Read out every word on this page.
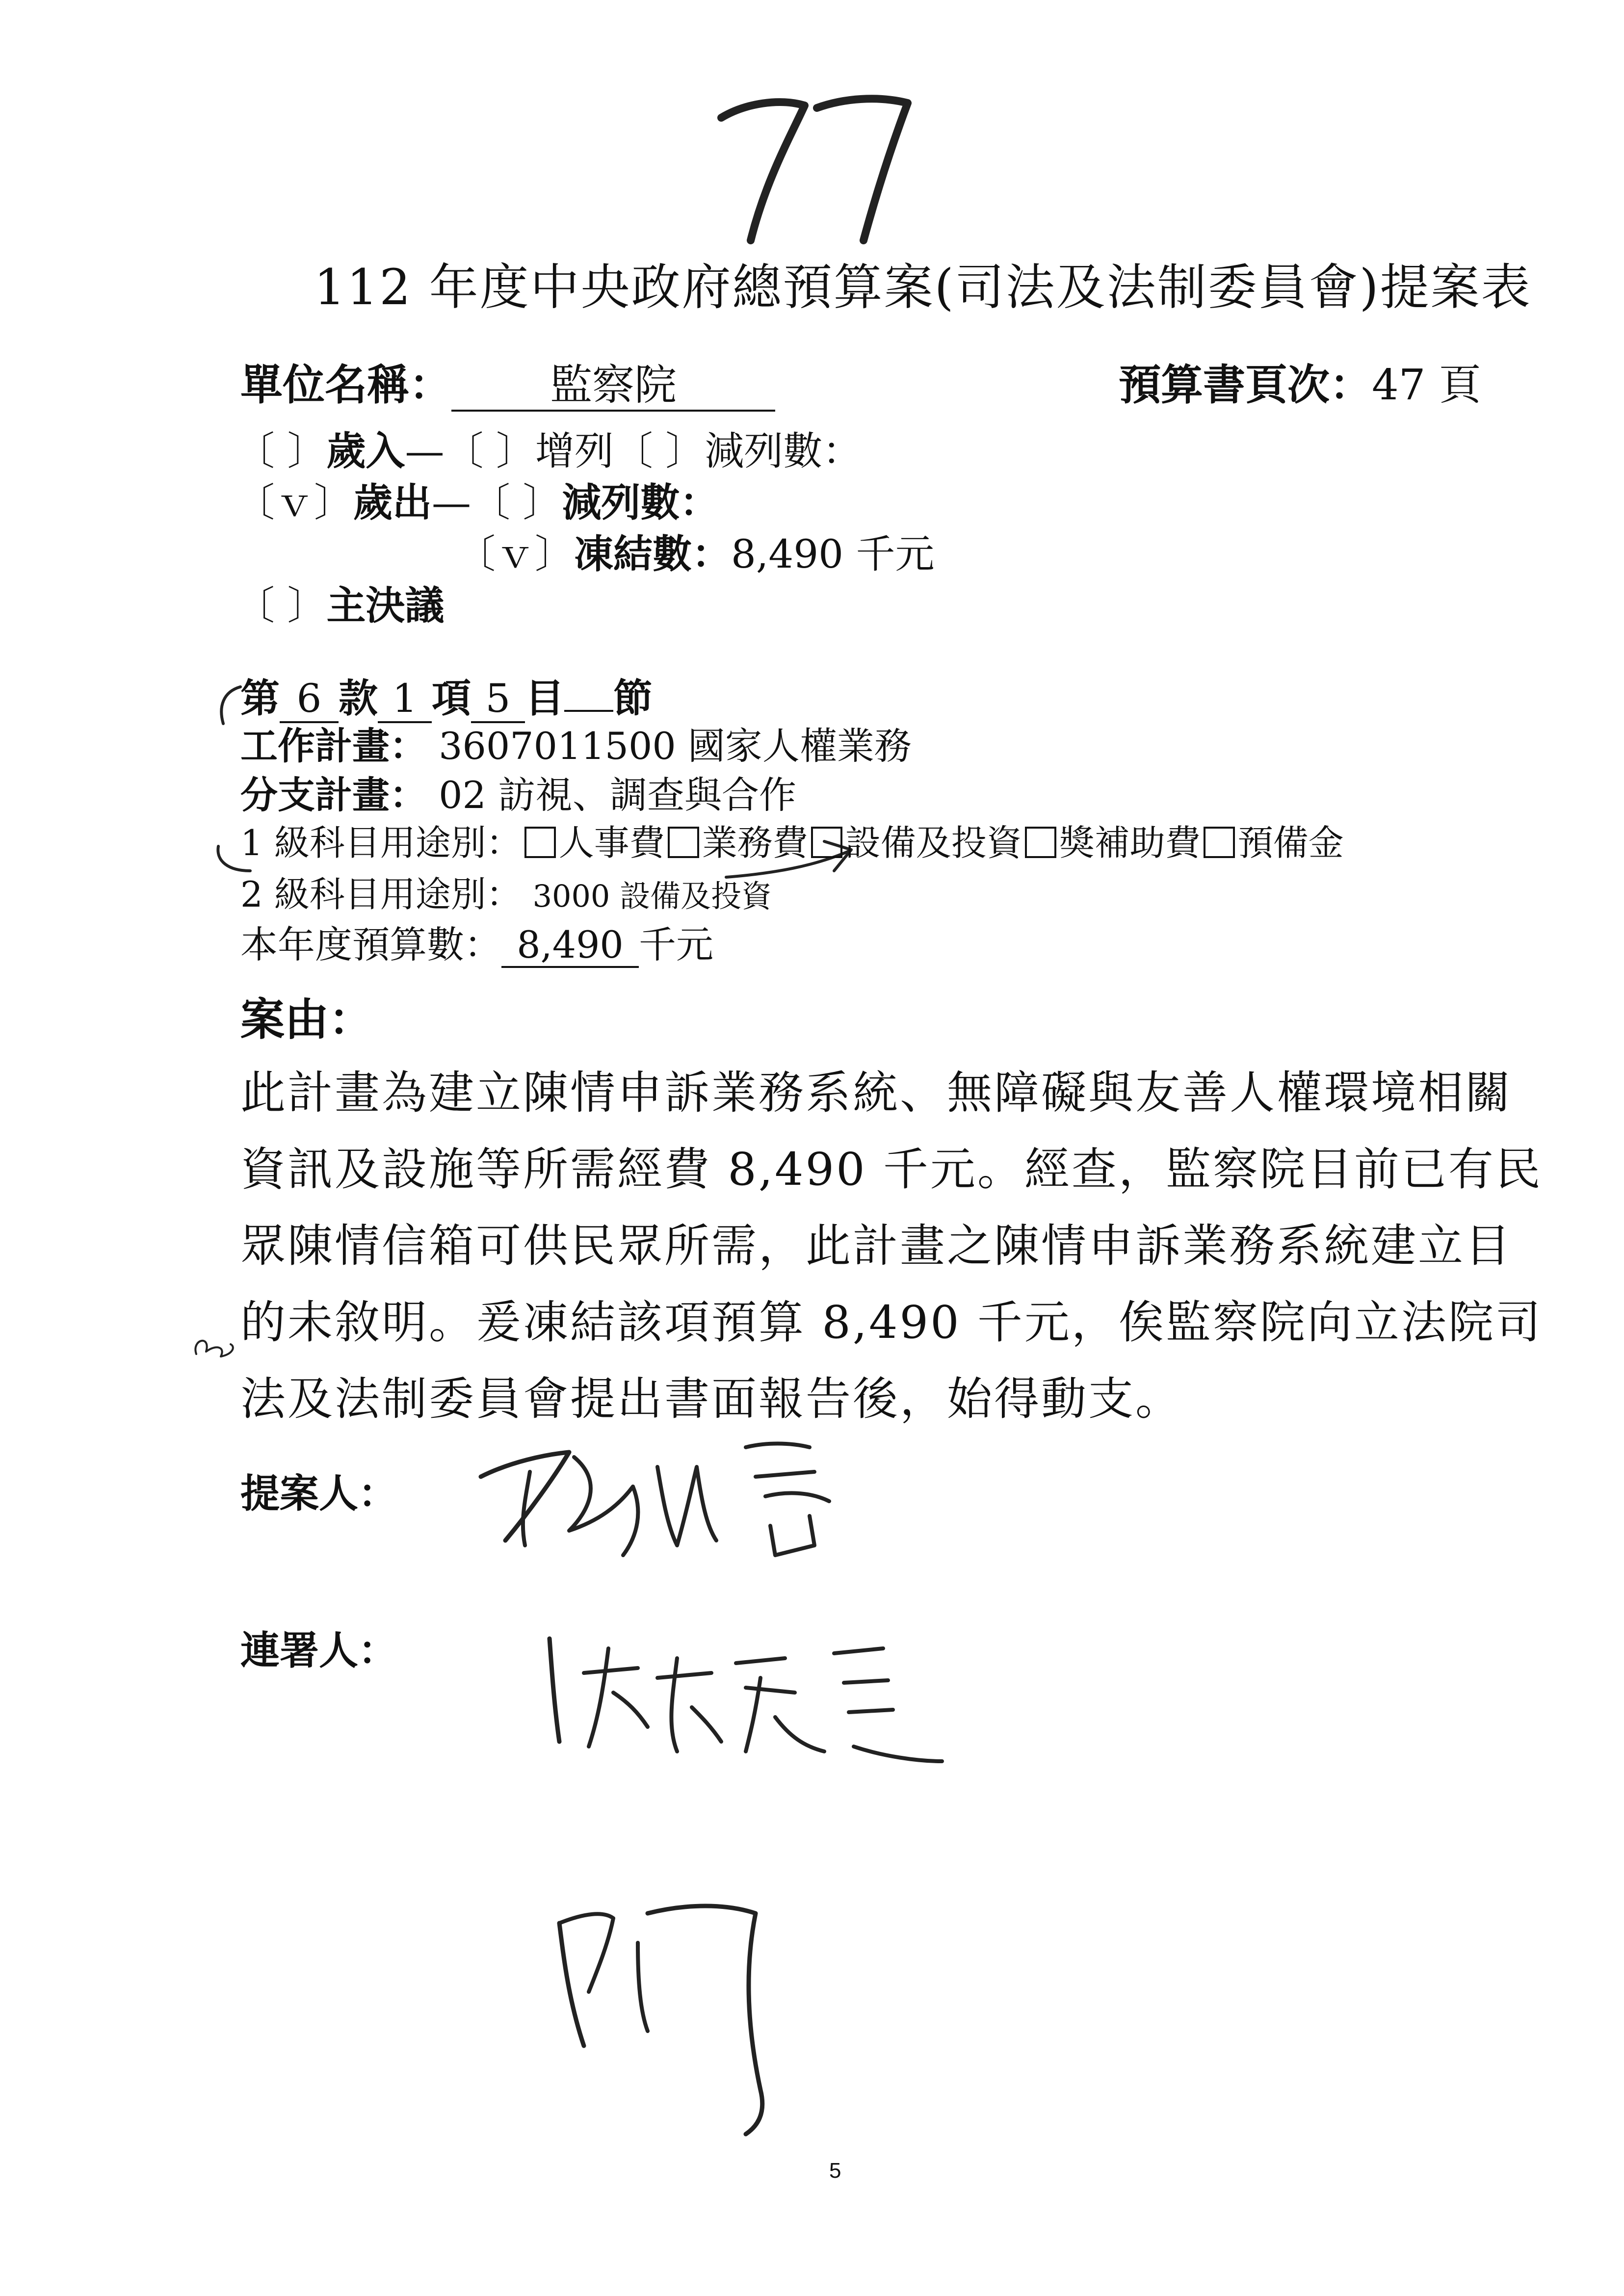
112 年度中央政府總預算案(司法及法制委員會)提案表
單位名稱： 監察院	預算書頁次：47 頁
〔 〕歲入—〔 〕增列〔 〕減列數：
〔ｖ〕歲出—〔 〕減列數：
〔ｖ〕凍結數：8,490 千元
〔 〕主決議
第 6 款 1 項 5 目 節
工作計畫： 3607011500 國家人權業務
分支計畫： 02 訪視、調查與合作
1 級科目用途別： 人事費 業務費 設備及投資 獎補助費 預備金
2 級科目用途別： 3000 設備及投資
本年度預算數： 8,490 千元
案由：
此計畫為建立陳情申訴業務系統、無障礙與友善人權環境相關
資訊及設施等所需經費 8,490 千元。經查，監察院目前已有民
眾陳情信箱可供民眾所需，此計畫之陳情申訴業務系統建立目
的未敘明。爰凍結該項預算 8,490 千元，俟監察院向立法院司
法及法制委員會提出書面報告後，始得動支。
提案人：
連署人：
5
